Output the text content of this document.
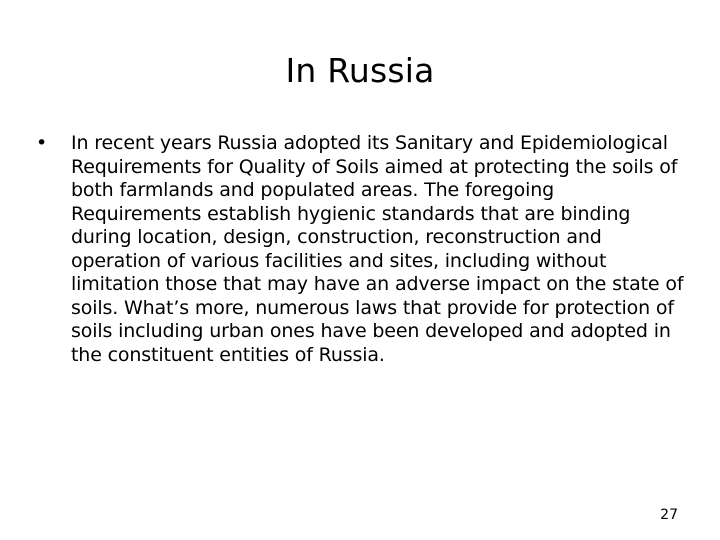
In Russia
•	In recent years Russia adopted its Sanitary and Epidemiological Requirements for Quality of Soils aimed at protecting the soils of both farmlands and populated areas. The foregoing Requirements establish hygienic standards that are binding during location, design, construction, reconstruction and operation of various facilities and sites, including without limitation those that may have an adverse impact on the state of soils. What’s more, numerous laws that provide for protection of soils including urban ones have been developed and adopted in the constituent entities of Russia.
27
